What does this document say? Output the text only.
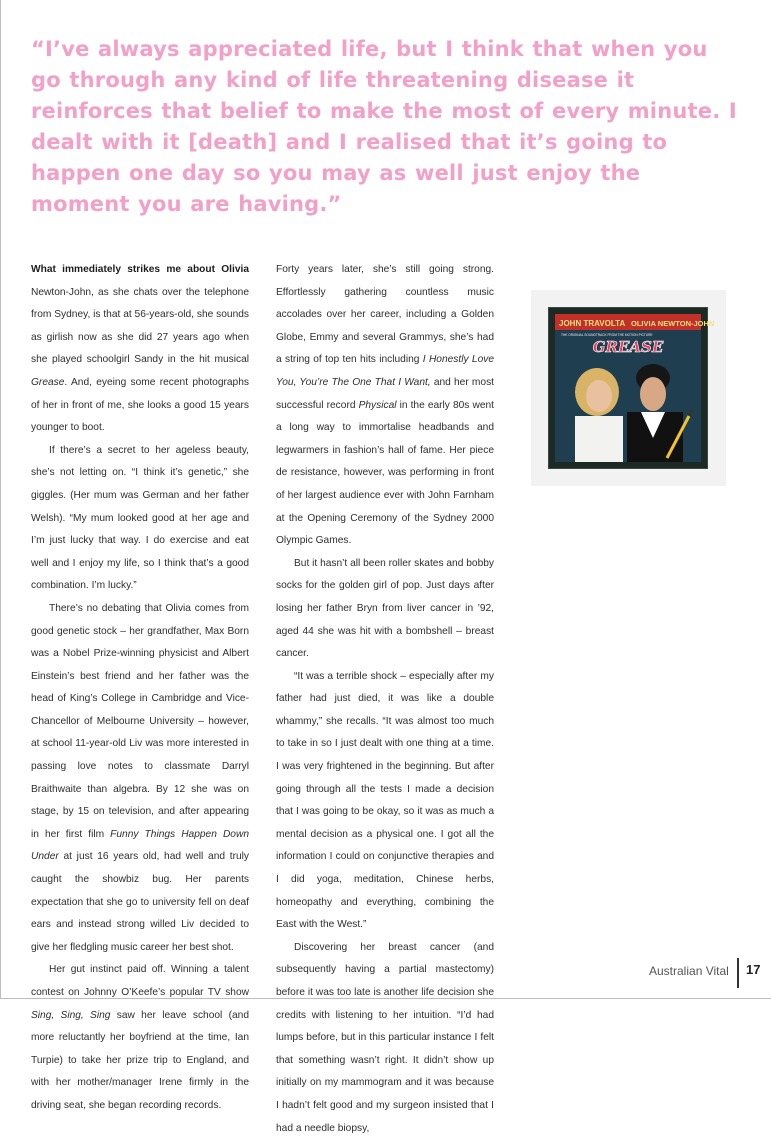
“I’ve always appreciated life, but I think that when you go through any kind of life threatening disease it reinforces that belief to make the most of every minute. I dealt with it [death] and I realised that it’s going to happen one day so you may as well just enjoy the moment you are having.”

What immediately strikes me about Olivia Newton-John, as she chats over the telephone from Sydney, is that at 56-years-old, she sounds as girlish now as she did 27 years ago when she played schoolgirl Sandy in the hit musical Grease. And, eyeing some recent photographs of her in front of me, she looks a good 15 years younger to boot.

If there’s a secret to her ageless beauty, she’s not letting on. “I think it’s genetic,” she giggles. (Her mum was German and her father Welsh). “My mum looked good at her age and I’m just lucky that way. I do exercise and eat well and I enjoy my life, so I think that’s a good combination. I’m lucky.”

There’s no debating that Olivia comes from good genetic stock – her grandfather, Max Born was a Nobel Prize-winning physicist and Albert Einstein’s best friend and her father was the head of King’s College in Cambridge and Vice-Chancellor of Melbourne University – however, at school 11-year-old Liv was more interested in passing love notes to classmate Darryl Braithwaite than algebra. By 12 she was on stage, by 15 on television, and after appearing in her first film Funny Things Happen Down Under at just 16 years old, had well and truly caught the showbiz bug. Her parents expectation that she go to university fell on deaf ears and instead strong willed Liv decided to give her fledgling music career her best shot.

Her gut instinct paid off. Winning a talent contest on Johnny O’Keefe’s popular TV show Sing, Sing, Sing saw her leave school (and more reluctantly her boyfriend at the time, Ian Turpie) to take her prize trip to England, and with her mother/manager Irene firmly in the driving seat, she began recording records.

Forty years later, she’s still going strong. Effortlessly gathering countless music accolades over her career, including a Golden Globe, Emmy and several Grammys, she’s had a string of top ten hits including I Honestly Love You, You’re The One That I Want, and her most successful record Physical in the early 80s went a long way to immortalise headbands and legwarmers in fashion’s hall of fame. Her piece de resistance, however, was performing in front of her largest audience ever with John Farnham at the Opening Ceremony of the Sydney 2000 Olympic Games.

But it hasn’t all been roller skates and bobby socks for the golden girl of pop. Just days after losing her father Bryn from liver cancer in ’92, aged 44 she was hit with a bombshell – breast cancer.

“It was a terrible shock – especially after my father had just died, it was like a double whammy,” she recalls. “It was almost too much to take in so I just dealt with one thing at a time. I was very frightened in the beginning. But after going through all the tests I made a decision that I was going to be okay, so it was as much a mental decision as a physical one. I got all the information I could on conjunctive therapies and I did yoga, meditation, Chinese herbs, homeopathy and everything, combining the East with the West.”

Discovering her breast cancer (and subsequently having a partial mastectomy) before it was too late is another life decision she credits with listening to her intuition. “I’d had lumps before, but in this particular instance I felt that something wasn’t right. It didn’t show up initially on my mammogram and it was because I hadn’t felt good and my surgeon insisted that I had a needle biopsy,

JOHN TRAVOLTA OLIVIA NEWTON-JOHN
THE ORIGINAL SOUNDTRACK FROM THE MOTION PICTURE
GREASE
Australian Vital 17
